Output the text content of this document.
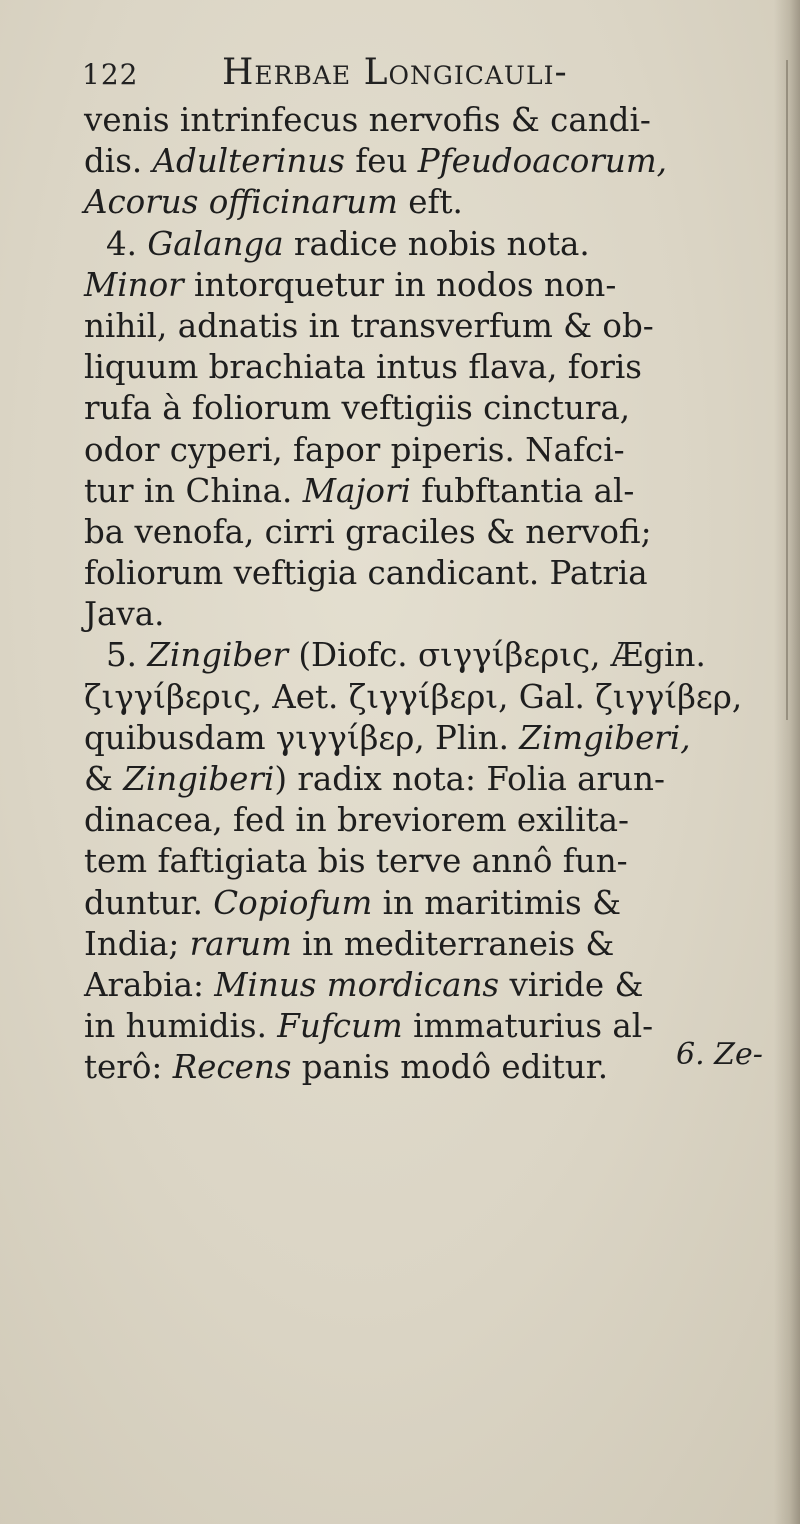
122 Herbae Longicauli-
venis intrinfecus nervofis & candi-
dis. Adulterinus feu Pfeudoacorum,
Acorus officinarum eft.
4. Galanga radice nobis nota.
Minor intorquetur in nodos non-
nihil, adnatis in transverfum & ob-
liquum brachiata intus flava, foris
rufa à foliorum veftigiis cinctura,
odor cyperi, fapor piperis. Nafci-
tur in China. Majori fubftantia al-
ba venofa, cirri graciles & nervofi;
foliorum veftigia candicant. Patria
Java.
5. Zingiber (Diofc. σιγγίβερις, Ægin.
ζιγγίβερις, Aet. ζιγγίβερι, Gal. ζιγγίβερ,
quibusdam γιγγίβερ, Plin. Zimgiberi,
& Zingiberi) radix nota: Folia arun-
dinacea, fed in breviorem exilita-
tem faftigiata bis terve annô fun-
duntur. Copiofum in maritimis &
India; rarum in mediterraneis &
Arabia: Minus mordicans viride &
in humidis. Fufcum immaturius al-
terô: Recens panis modô editur.	6. Ze-
